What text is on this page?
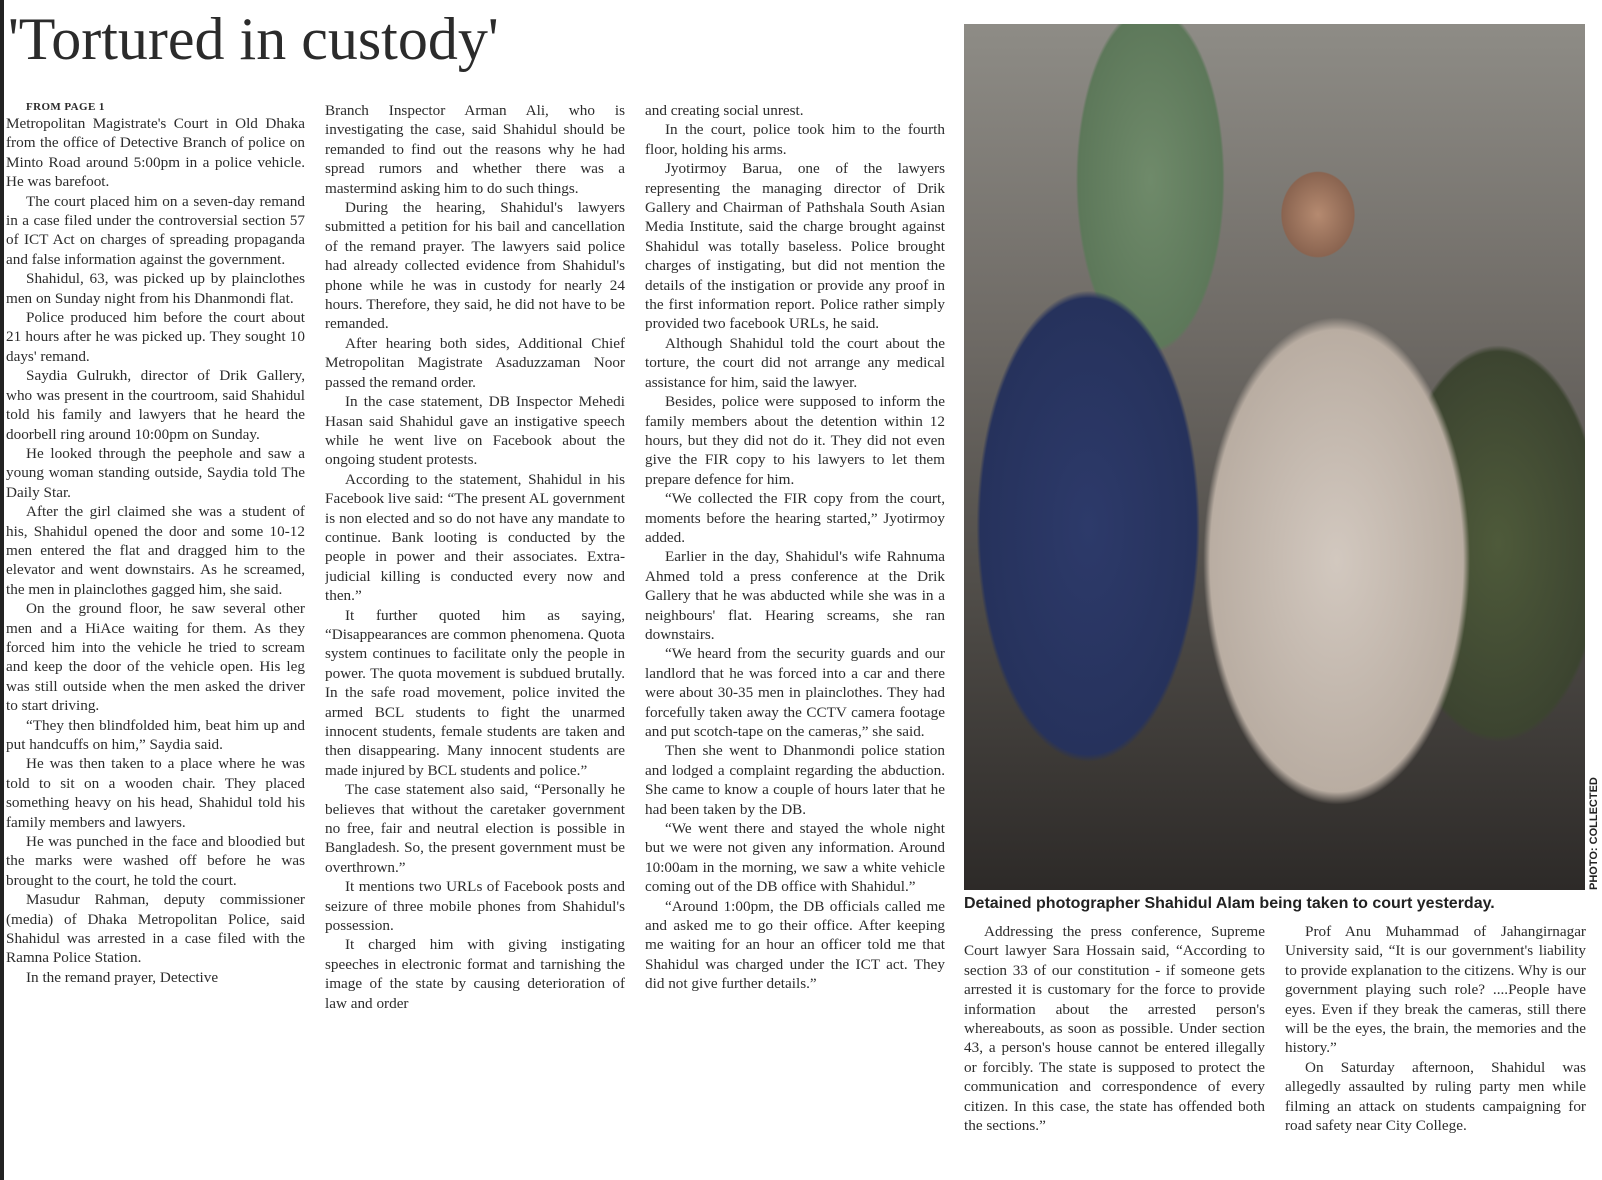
'Tortured in custody'

FROM PAGE 1

Metropolitan Magistrate's Court in Old Dhaka from the office of Detective Branch of police on Minto Road around 5:00pm in a police vehicle. He was barefoot.

The court placed him on a seven-day remand in a case filed under the controversial section 57 of ICT Act on charges of spreading propaganda and false information against the government.

Shahidul, 63, was picked up by plainclothes men on Sunday night from his Dhanmondi flat.

Police produced him before the court about 21 hours after he was picked up. They sought 10 days' remand.

Saydia Gulrukh, director of Drik Gallery, who was present in the courtroom, said Shahidul told his family and lawyers that he heard the doorbell ring around 10:00pm on Sunday.

He looked through the peephole and saw a young woman standing outside, Saydia told The Daily Star.

After the girl claimed she was a student of his, Shahidul opened the door and some 10-12 men entered the flat and dragged him to the elevator and went downstairs. As he screamed, the men in plainclothes gagged him, she said.

On the ground floor, he saw several other men and a HiAce waiting for them. As they forced him into the vehicle he tried to scream and keep the door of the vehicle open. His leg was still outside when the men asked the driver to start driving.

“They then blindfolded him, beat him up and put handcuffs on him,” Saydia said.

He was then taken to a place where he was told to sit on a wooden chair. They placed something heavy on his head, Shahidul told his family members and lawyers.

He was punched in the face and bloodied but the marks were washed off before he was brought to the court, he told the court.

Masudur Rahman, deputy commissioner (media) of Dhaka Metropolitan Police, said Shahidul was arrested in a case filed with the Ramna Police Station.

In the remand prayer, Detective

Branch Inspector Arman Ali, who is investigating the case, said Shahidul should be remanded to find out the reasons why he had spread rumors and whether there was a mastermind asking him to do such things.

During the hearing, Shahidul's lawyers submitted a petition for his bail and cancellation of the remand prayer. The lawyers said police had already collected evidence from Shahidul's phone while he was in custody for nearly 24 hours. Therefore, they said, he did not have to be remanded.

After hearing both sides, Additional Chief Metropolitan Magistrate Asaduzzaman Noor passed the remand order.

In the case statement, DB Inspector Mehedi Hasan said Shahidul gave an instigative speech while he went live on Facebook about the ongoing student protests.

According to the statement, Shahidul in his Facebook live said: “The present AL government is non elected and so do not have any mandate to continue. Bank looting is conducted by the people in power and their associates. Extra-judicial killing is conducted every now and then.”

It further quoted him as saying, “Disappearances are common phenomena. Quota system continues to facilitate only the people in power. The quota movement is subdued brutally. In the safe road movement, police invited the armed BCL students to fight the unarmed innocent students, female students are taken and then disappearing. Many innocent students are made injured by BCL students and police.”

The case statement also said, “Personally he believes that without the caretaker government no free, fair and neutral election is possible in Bangladesh. So, the present government must be overthrown.”

It mentions two URLs of Facebook posts and seizure of three mobile phones from Shahidul's possession.

It charged him with giving instigating speeches in electronic format and tarnishing the image of the state by causing deterioration of law and order

and creating social unrest.

In the court, police took him to the fourth floor, holding his arms.

Jyotirmoy Barua, one of the lawyers representing the managing director of Drik Gallery and Chairman of Pathshala South Asian Media Institute, said the charge brought against Shahidul was totally baseless. Police brought charges of instigating, but did not mention the details of the instigation or provide any proof in the first information report. Police rather simply provided two facebook URLs, he said.

Although Shahidul told the court about the torture, the court did not arrange any medical assistance for him, said the lawyer.

Besides, police were supposed to inform the family members about the detention within 12 hours, but they did not do it. They did not even give the FIR copy to his lawyers to let them prepare defence for him.

“We collected the FIR copy from the court, moments before the hearing started,” Jyotirmoy added.

Earlier in the day, Shahidul's wife Rahnuma Ahmed told a press conference at the Drik Gallery that he was abducted while she was in a neighbours' flat. Hearing screams, she ran downstairs.

“We heard from the security guards and our landlord that he was forced into a car and there were about 30-35 men in plainclothes. They had forcefully taken away the CCTV camera footage and put scotch-tape on the cameras,” she said.

Then she went to Dhanmondi police station and lodged a complaint regarding the abduction. She came to know a couple of hours later that he had been taken by the DB.

“We went there and stayed the whole night but we were not given any information. Around 10:00am in the morning, we saw a white vehicle coming out of the DB office with Shahidul.”

“Around 1:00pm, the DB officials called me and asked me to go their office. After keeping me waiting for an hour an officer told me that Shahidul was charged under the ICT act. They did not give further details.”

PHOTO: COLLECTED
Detained photographer Shahidul Alam being taken to court yesterday.

Addressing the press conference, Supreme Court lawyer Sara Hossain said, “According to section 33 of our constitution - if someone gets arrested it is customary for the force to provide information about the arrested person's whereabouts, as soon as possible. Under section 43, a person's house cannot be entered illegally or forcibly. The state is supposed to protect the communication and correspondence of every citizen. In this case, the state has offended both the sections.”

Prof Anu Muhammad of Jahangirnagar University said, “It is our government's liability to provide explanation to the citizens. Why is our government playing such role? ....People have eyes. Even if they break the cameras, still there will be the eyes, the brain, the memories and the history.”

On Saturday afternoon, Shahidul was allegedly assaulted by ruling party men while filming an attack on students campaigning for road safety near City College.
